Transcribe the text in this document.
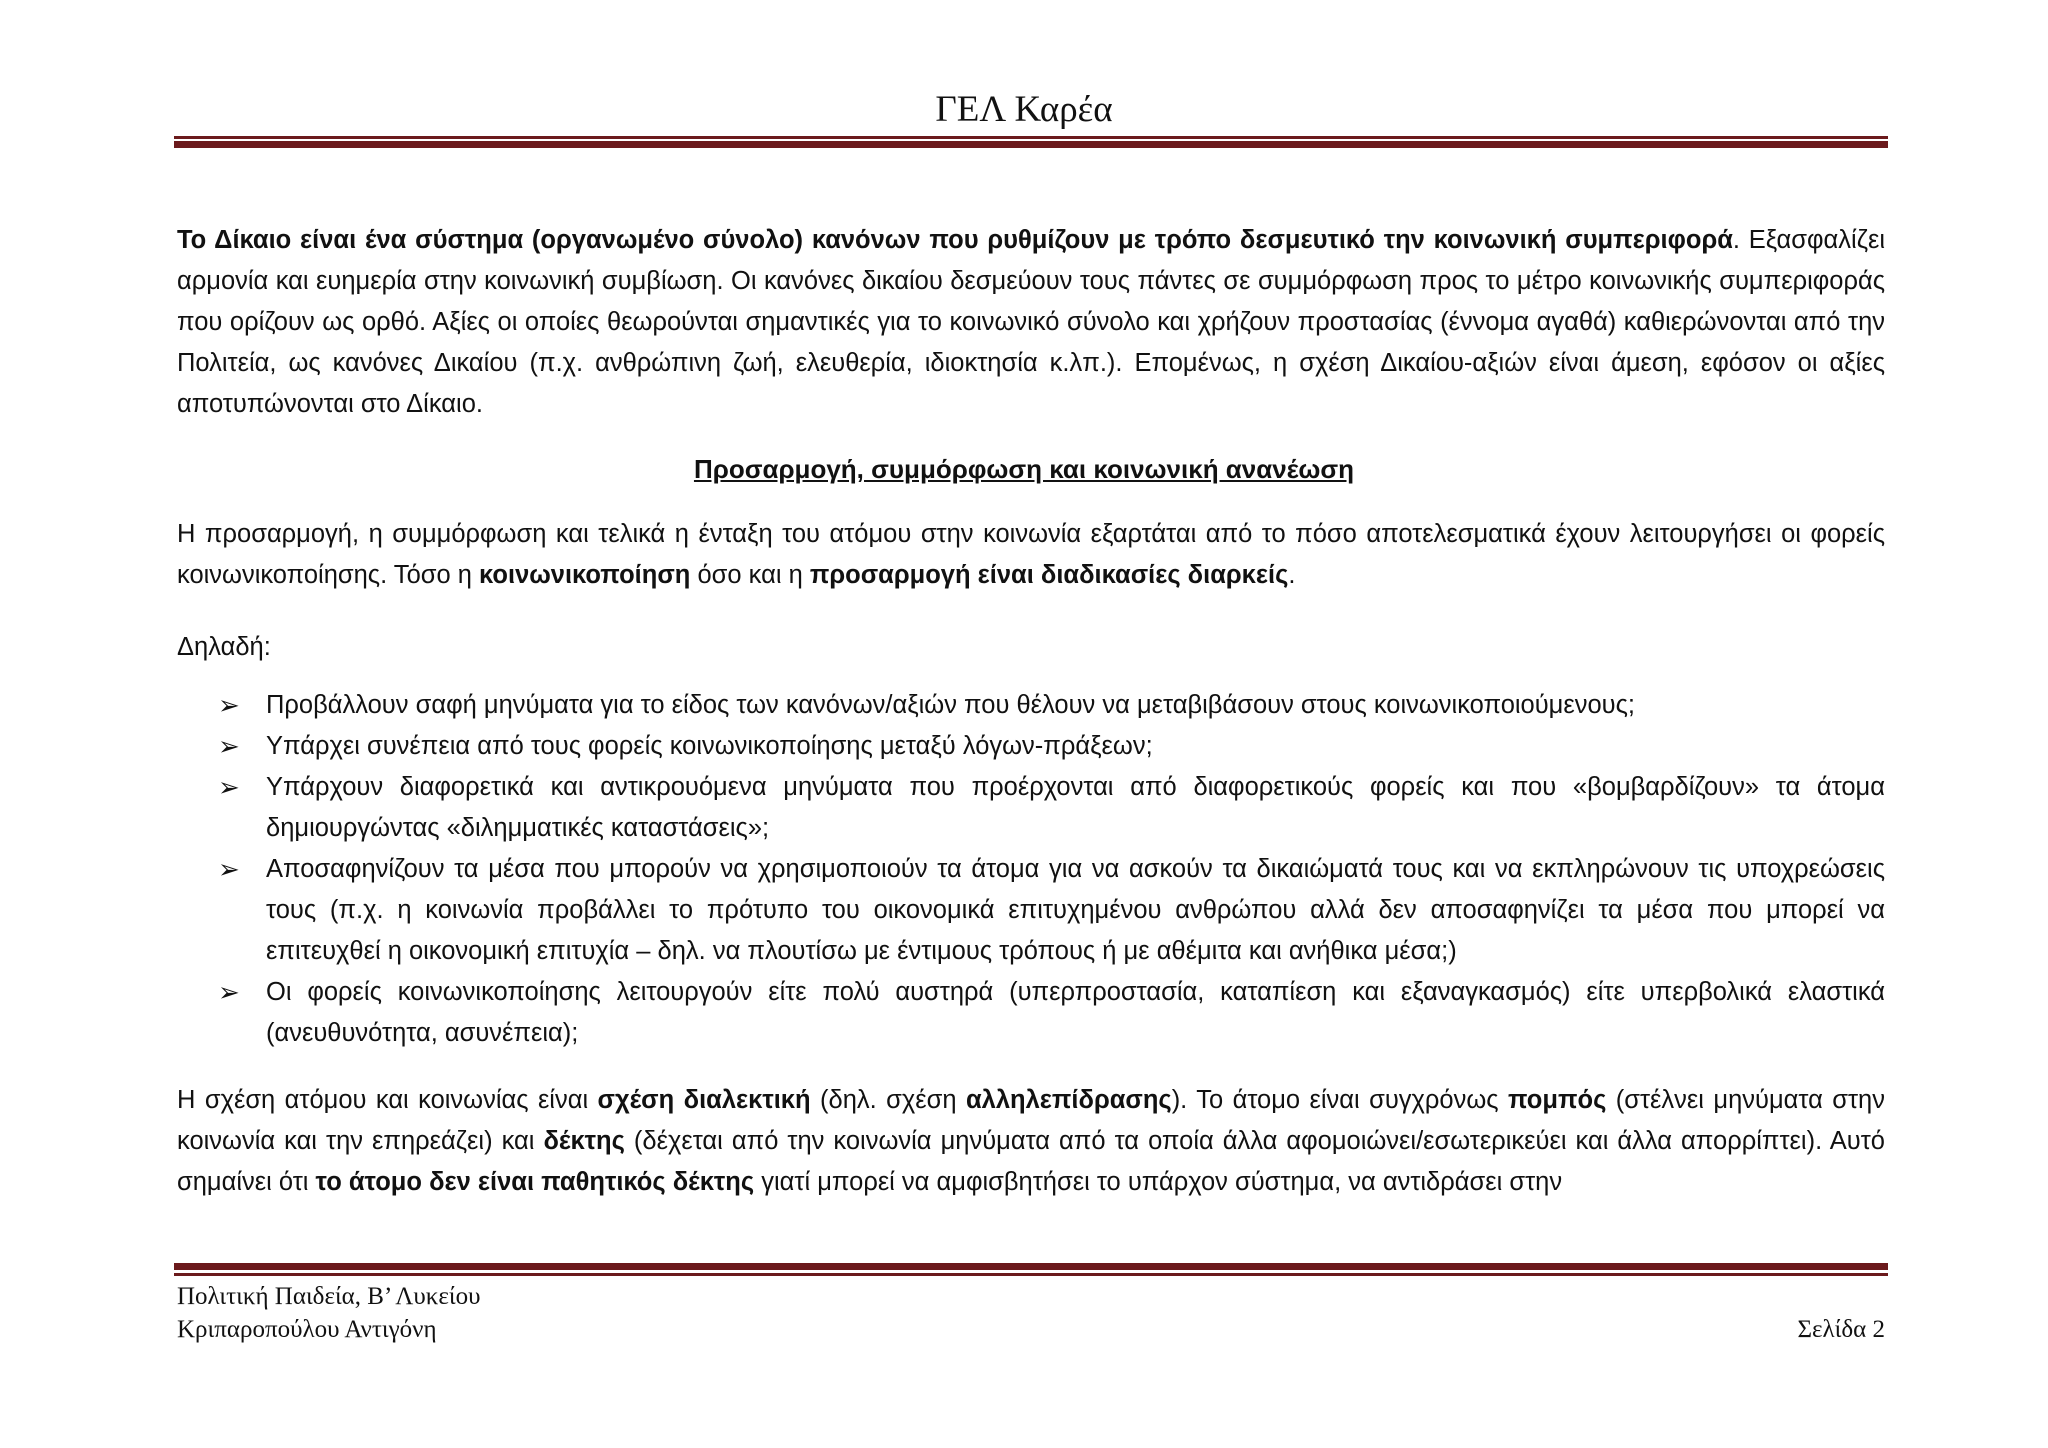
ΓΕΛ Καρέα

Το Δίκαιο είναι ένα σύστημα (οργανωμένο σύνολο) κανόνων που ρυθμίζουν με τρόπο δεσμευτικό την κοινωνική συμπεριφορά. Εξασφαλίζει αρμονία και ευημερία στην κοινωνική συμβίωση. Οι κανόνες δικαίου δεσμεύουν τους πάντες σε συμμόρφωση προς το μέτρο κοινωνικής συμπεριφοράς που ορίζουν ως ορθό. Αξίες οι οποίες θεωρούνται σημαντικές για το κοινωνικό σύνολο και χρήζουν προστασίας (έννομα αγαθά) καθιερώνονται από την Πολιτεία, ως κανόνες Δικαίου (π.χ. ανθρώπινη ζωή, ελευθερία, ιδιοκτησία κ.λπ.). Επομένως, η σχέση Δικαίου-αξιών είναι άμεση, εφόσον οι αξίες αποτυπώνονται στο Δίκαιο.

Προσαρμογή, συμμόρφωση και κοινωνική ανανέωση

Η προσαρμογή, η συμμόρφωση και τελικά η ένταξη του ατόμου στην κοινωνία εξαρτάται από το πόσο αποτελεσματικά έχουν λειτουργήσει οι φορείς κοινωνικοποίησης. Τόσο η κοινωνικοποίηση όσο και η προσαρμογή είναι διαδικασίες διαρκείς.

Δηλαδή:

➢ Προβάλλουν σαφή μηνύματα για το είδος των κανόνων/αξιών που θέλουν να μεταβιβάσουν στους κοινωνικοποιούμενους;
➢ Υπάρχει συνέπεια από τους φορείς κοινωνικοποίησης μεταξύ λόγων-πράξεων;
➢ Υπάρχουν διαφορετικά και αντικρουόμενα μηνύματα που προέρχονται από διαφορετικούς φορείς και που «βομβαρδίζουν» τα άτομα δημιουργώντας «διλημματικές καταστάσεις»;
➢ Αποσαφηνίζουν τα μέσα που μπορούν να χρησιμοποιούν τα άτομα για να ασκούν τα δικαιώματά τους και να εκπληρώνουν τις υποχρεώσεις τους (π.χ. η κοινωνία προβάλλει το πρότυπο του οικονομικά επιτυχημένου ανθρώπου αλλά δεν αποσαφηνίζει τα μέσα που μπορεί να επιτευχθεί η οικονομική επιτυχία – δηλ. να πλουτίσω με έντιμους τρόπους ή με αθέμιτα και ανήθικα μέσα;)
➢ Οι φορείς κοινωνικοποίησης λειτουργούν είτε πολύ αυστηρά (υπερπροστασία, καταπίεση και εξαναγκασμός) είτε υπερβολικά ελαστικά (ανευθυνότητα, ασυνέπεια);

Η σχέση ατόμου και κοινωνίας είναι σχέση διαλεκτική (δηλ. σχέση αλληλεπίδρασης). Το άτομο είναι συγχρόνως πομπός (στέλνει μηνύματα στην κοινωνία και την επηρεάζει) και δέκτης (δέχεται από την κοινωνία μηνύματα από τα οποία άλλα αφομοιώνει/εσωτερικεύει και άλλα απορρίπτει). Αυτό σημαίνει ότι το άτομο δεν είναι παθητικός δέκτης γιατί μπορεί να αμφισβητήσει το υπάρχον σύστημα, να αντιδράσει στην

Πολιτική Παιδεία, Β’ Λυκείου
Κριπαροπούλου Αντιγόνη	Σελίδα 2
